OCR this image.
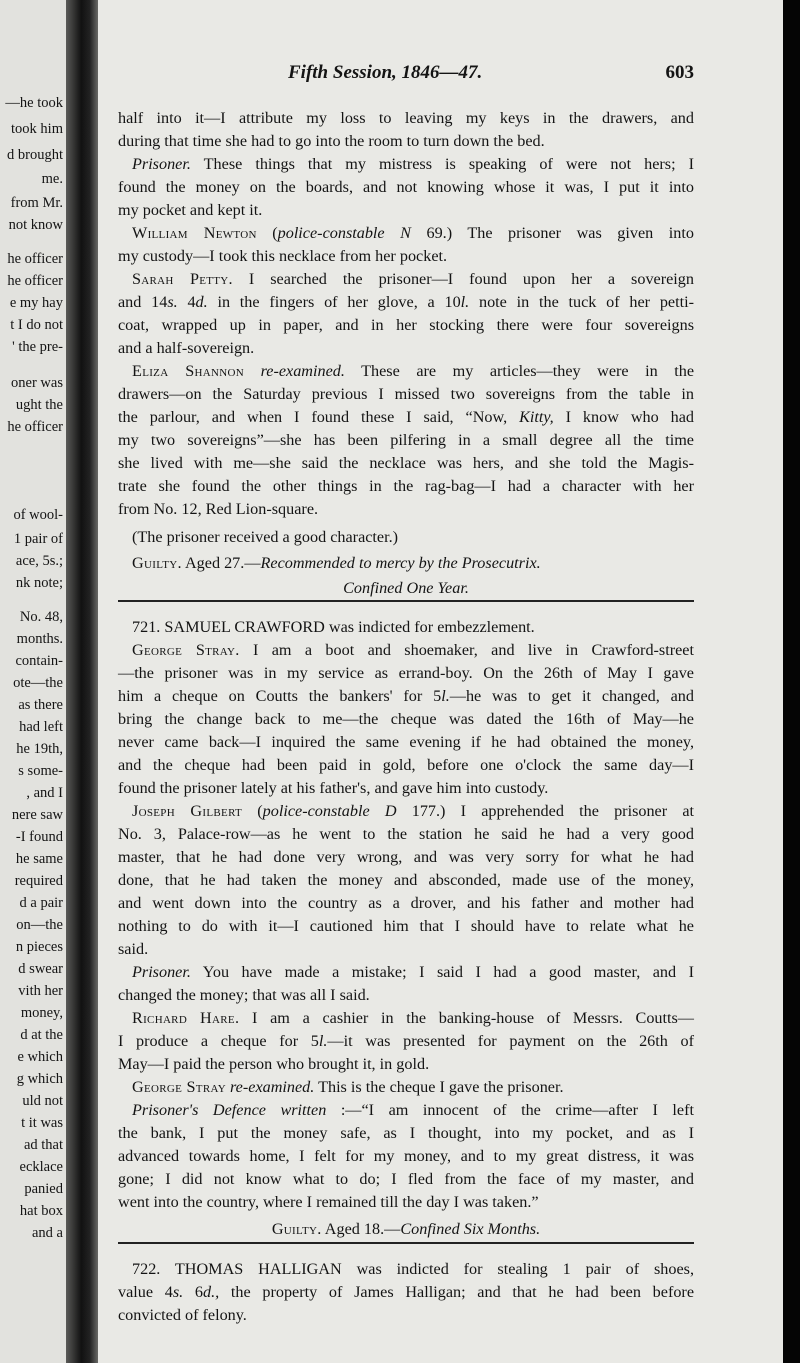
—he took
took him
d brought
me.
from Mr.
not know
he officer
he officer
e my hay
t I do not
' the pre-
oner was
ught the
he officer
of wool-
1 pair of
ace, 5s.;
nk note;
No. 48,
months.
contain-
ote—the
as there
had left
he 19th,
s some-
, and I
nere saw
-I found
he same
required
d a pair
on—the
n pieces
d swear
vith her
money,
d at the
e which
g which
uld not
t it was
ad that
ecklace
panied
hat box
and a
Fifth Session, 1846—47.	603
half into it—I attribute my loss to leaving my keys in the drawers, and
during that time she had to go into the room to turn down the bed.
Prisoner. These things that my mistress is speaking of were not hers; I
found the money on the boards, and not knowing whose it was, I put it into
my pocket and kept it.
William Newton (police-constable N 69.) The prisoner was given into
my custody—I took this necklace from her pocket.
Sarah Petty. I searched the prisoner—I found upon her a sovereign
and 14s. 4d. in the fingers of her glove, a 10l. note in the tuck of her petti-
coat, wrapped up in paper, and in her stocking there were four sovereigns
and a half-sovereign.
Eliza Shannon re-examined. These are my articles—they were in the
drawers—on the Saturday previous I missed two sovereigns from the table in
the parlour, and when I found these I said, “Now, Kitty, I know who had
my two sovereigns”—she has been pilfering in a small degree all the time
she lived with me—she said the necklace was hers, and she told the Magis-
trate she found the other things in the rag-bag—I had a character with her
from No. 12, Red Lion-square.
(The prisoner received a good character.)
Guilty. Aged 27.—Recommended to mercy by the Prosecutrix.
Confined One Year.
721. SAMUEL CRAWFORD was indicted for embezzlement.
George Stray. I am a boot and shoemaker, and live in Crawford-street
—the prisoner was in my service as errand-boy. On the 26th of May I gave
him a cheque on Coutts the bankers' for 5l.—he was to get it changed, and
bring the change back to me—the cheque was dated the 16th of May—he
never came back—I inquired the same evening if he had obtained the money,
and the cheque had been paid in gold, before one o'clock the same day—I
found the prisoner lately at his father's, and gave him into custody.
Joseph Gilbert (police-constable D 177.) I apprehended the prisoner at
No. 3, Palace-row—as he went to the station he said he had a very good
master, that he had done very wrong, and was very sorry for what he had
done, that he had taken the money and absconded, made use of the money,
and went down into the country as a drover, and his father and mother had
nothing to do with it—I cautioned him that I should have to relate what he
said.
Prisoner. You have made a mistake; I said I had a good master, and I
changed the money; that was all I said.
Richard Hare. I am a cashier in the banking-house of Messrs. Coutts—
I produce a cheque for 5l.—it was presented for payment on the 26th of
May—I paid the person who brought it, in gold.
George Stray re-examined. This is the cheque I gave the prisoner.
Prisoner's Defence written :—“I am innocent of the crime—after I left
the bank, I put the money safe, as I thought, into my pocket, and as I
advanced towards home, I felt for my money, and to my great distress, it was
gone; I did not know what to do; I fled from the face of my master, and
went into the country, where I remained till the day I was taken.”
Guilty. Aged 18.—Confined Six Months.
722. THOMAS HALLIGAN was indicted for stealing 1 pair of shoes,
value 4s. 6d., the property of James Halligan; and that he had been before
convicted of felony.
